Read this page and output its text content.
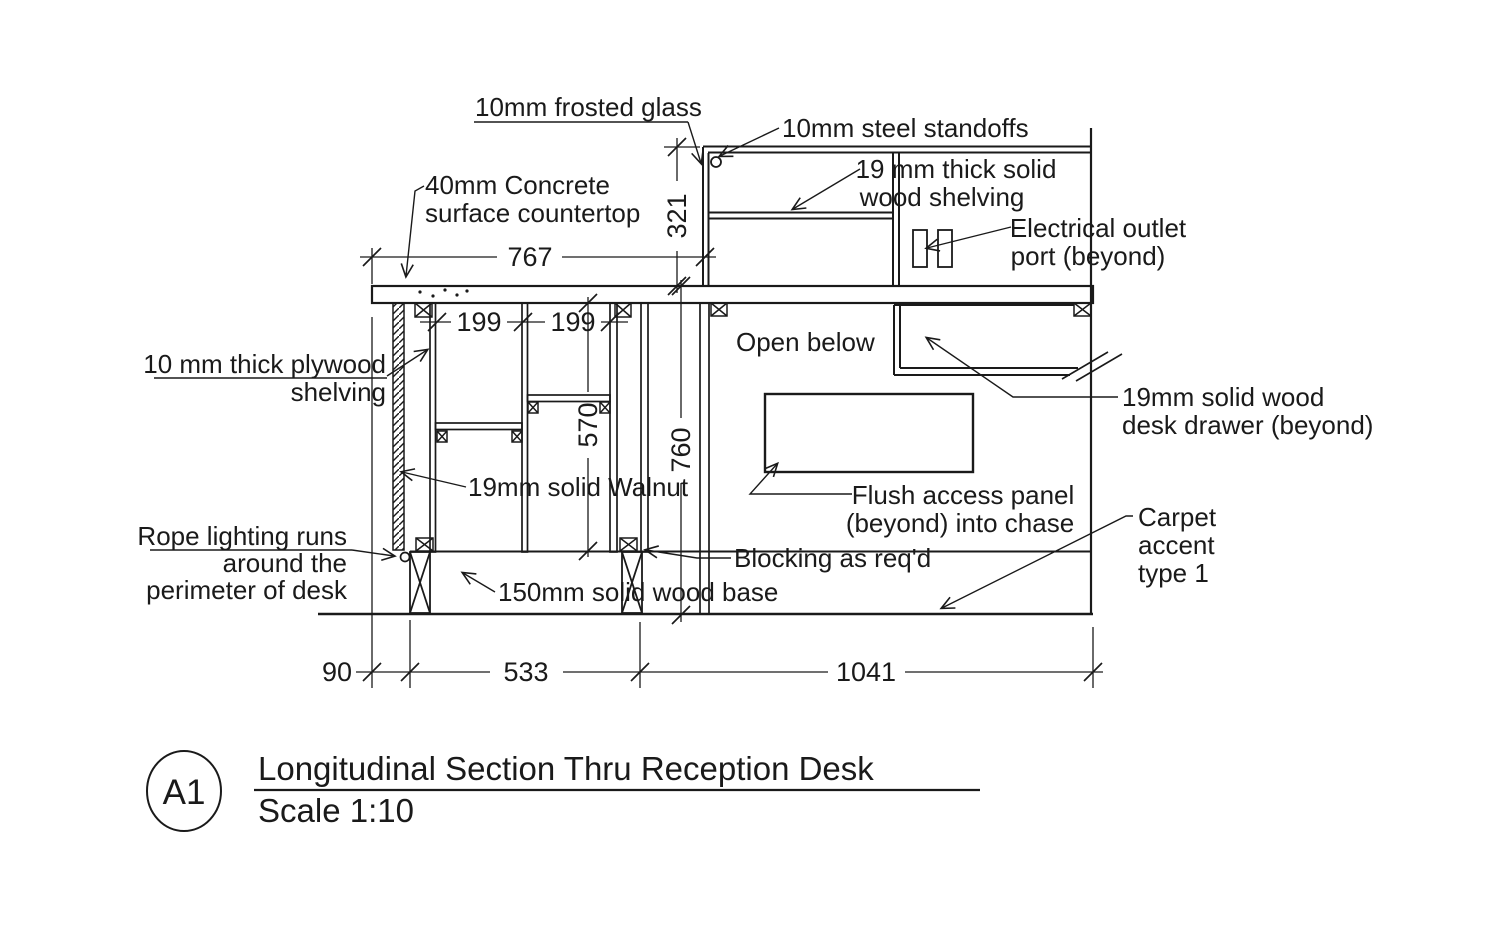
10mm frosted glass
10mm steel standoffs
19 mm thick solid
wood shelving
Electrical outlet
port (beyond)
40mm Concrete
surface countertop
10 mm thick plywood
shelving
19mm solid Walnut
Open below
19mm solid wood
desk drawer (beyond)
Rope lighting runs
around the
perimeter of desk	150mm solid wood base
Blocking as req'd
Flush access panel
(beyond) into chase Carpet
accent
type 1
767
321
199 199
570
760
90	533	1041
A1
Longitudinal Section Thru Reception Desk
Scale 1:10
